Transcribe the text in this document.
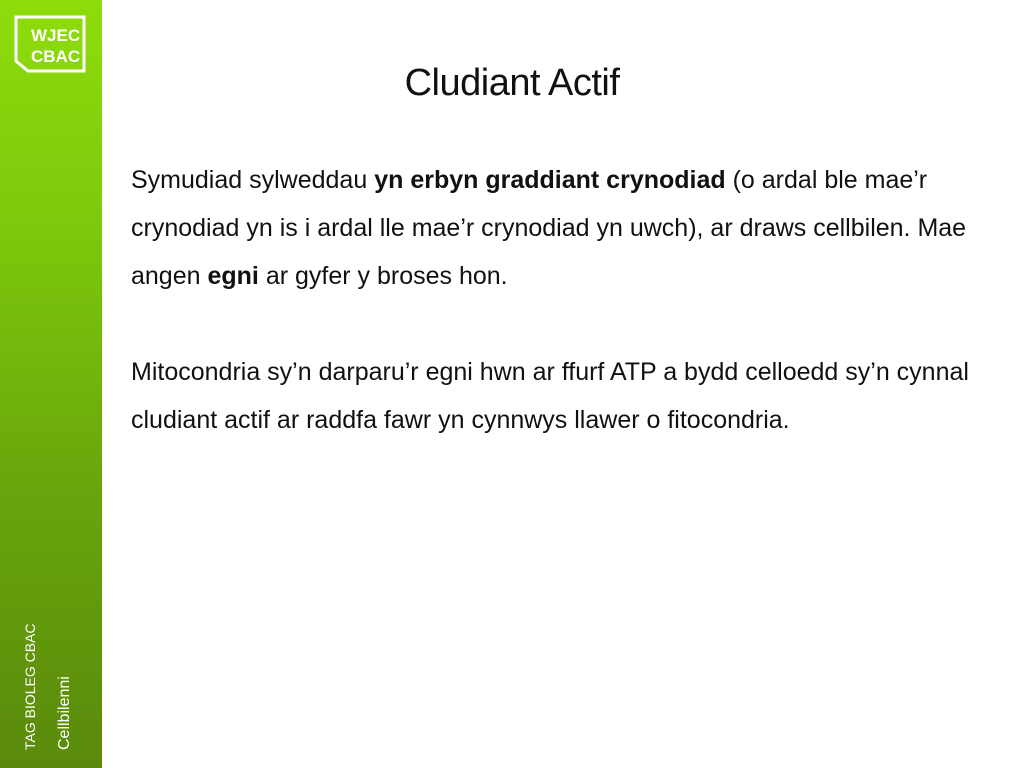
WJEC
CBAC
TAG BIOLEG CBAC Cellbilenni
Cludiant Actif

Symudiad sylweddau yn erbyn graddiant crynodiad (o ardal ble mae’r crynodiad yn is i ardal lle mae’r crynodiad yn uwch), ar draws cellbilen. Mae angen egni ar gyfer y broses hon.

Mitocondria sy’n darparu’r egni hwn ar ffurf ATP a bydd celloedd sy’n cynnal cludiant actif ar raddfa fawr yn cynnwys llawer o fitocondria.
